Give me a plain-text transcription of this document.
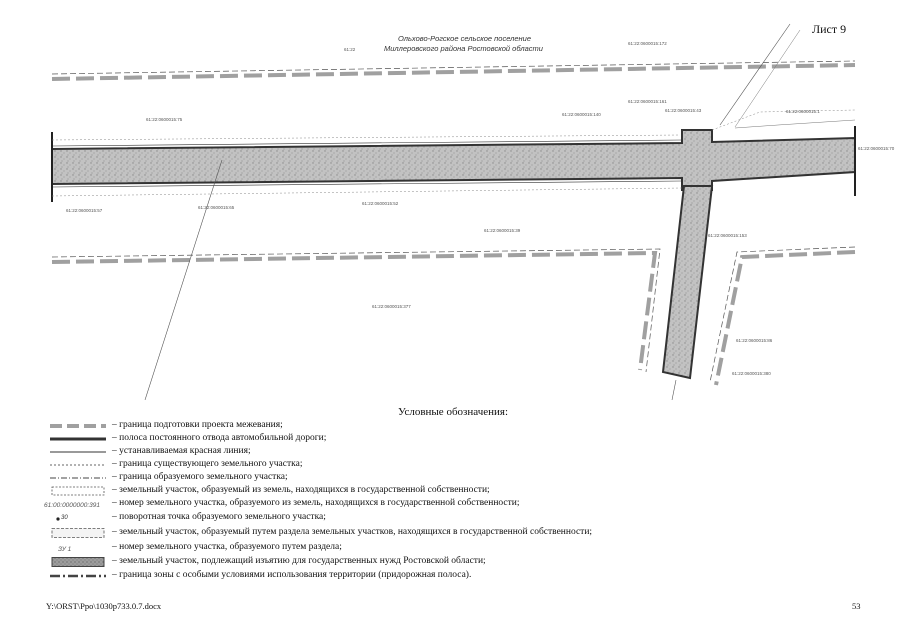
Ольхово-Рогское сельское поселение
Миллеровского района Ростовской области
61:22:0600015:75
61:22:0600015:140
61:22:0600015:1
61:22
61:22:0600015:52
61:22:0600015:377
61:22:0600015:380
61:22:0600015:172
61:22:0600015:161
61:22:0600015:43
61:22:0600015:65
61:22:0600015:57
61:22:0600015:39
61:22:0600015:86
61:22:0600015:153
61:22:0600015:70
Лист 9
Условные обозначения:
– граница подготовки проекта межевания;
– полоса постоянного отвода автомобильной дороги;
– устанавливаемая красная линия;
– граница существующего земельного участка;
– граница образуемого земельного участка;
– земельный участок, образуемый из земель, находящихся в государственной собственности;
61:00:0000000:391 – номер земельного участка, образуемого из земель, находящихся в государственной собственности;
30	– поворотная точка образуемого земельного участка;
– земельный участок, образуемый путем раздела земельных участков, находящихся в государственной собственности;
ЗУ 1	– номер земельного участка, образуемого путем раздела;
– земельный участок, подлежащий изъятию для государственных нужд Ростовской области;
– граница зоны с особыми условиями использования территории (придорожная полоса).
Y:\ORST\Ppo\1030р733.0.7.docx	53
